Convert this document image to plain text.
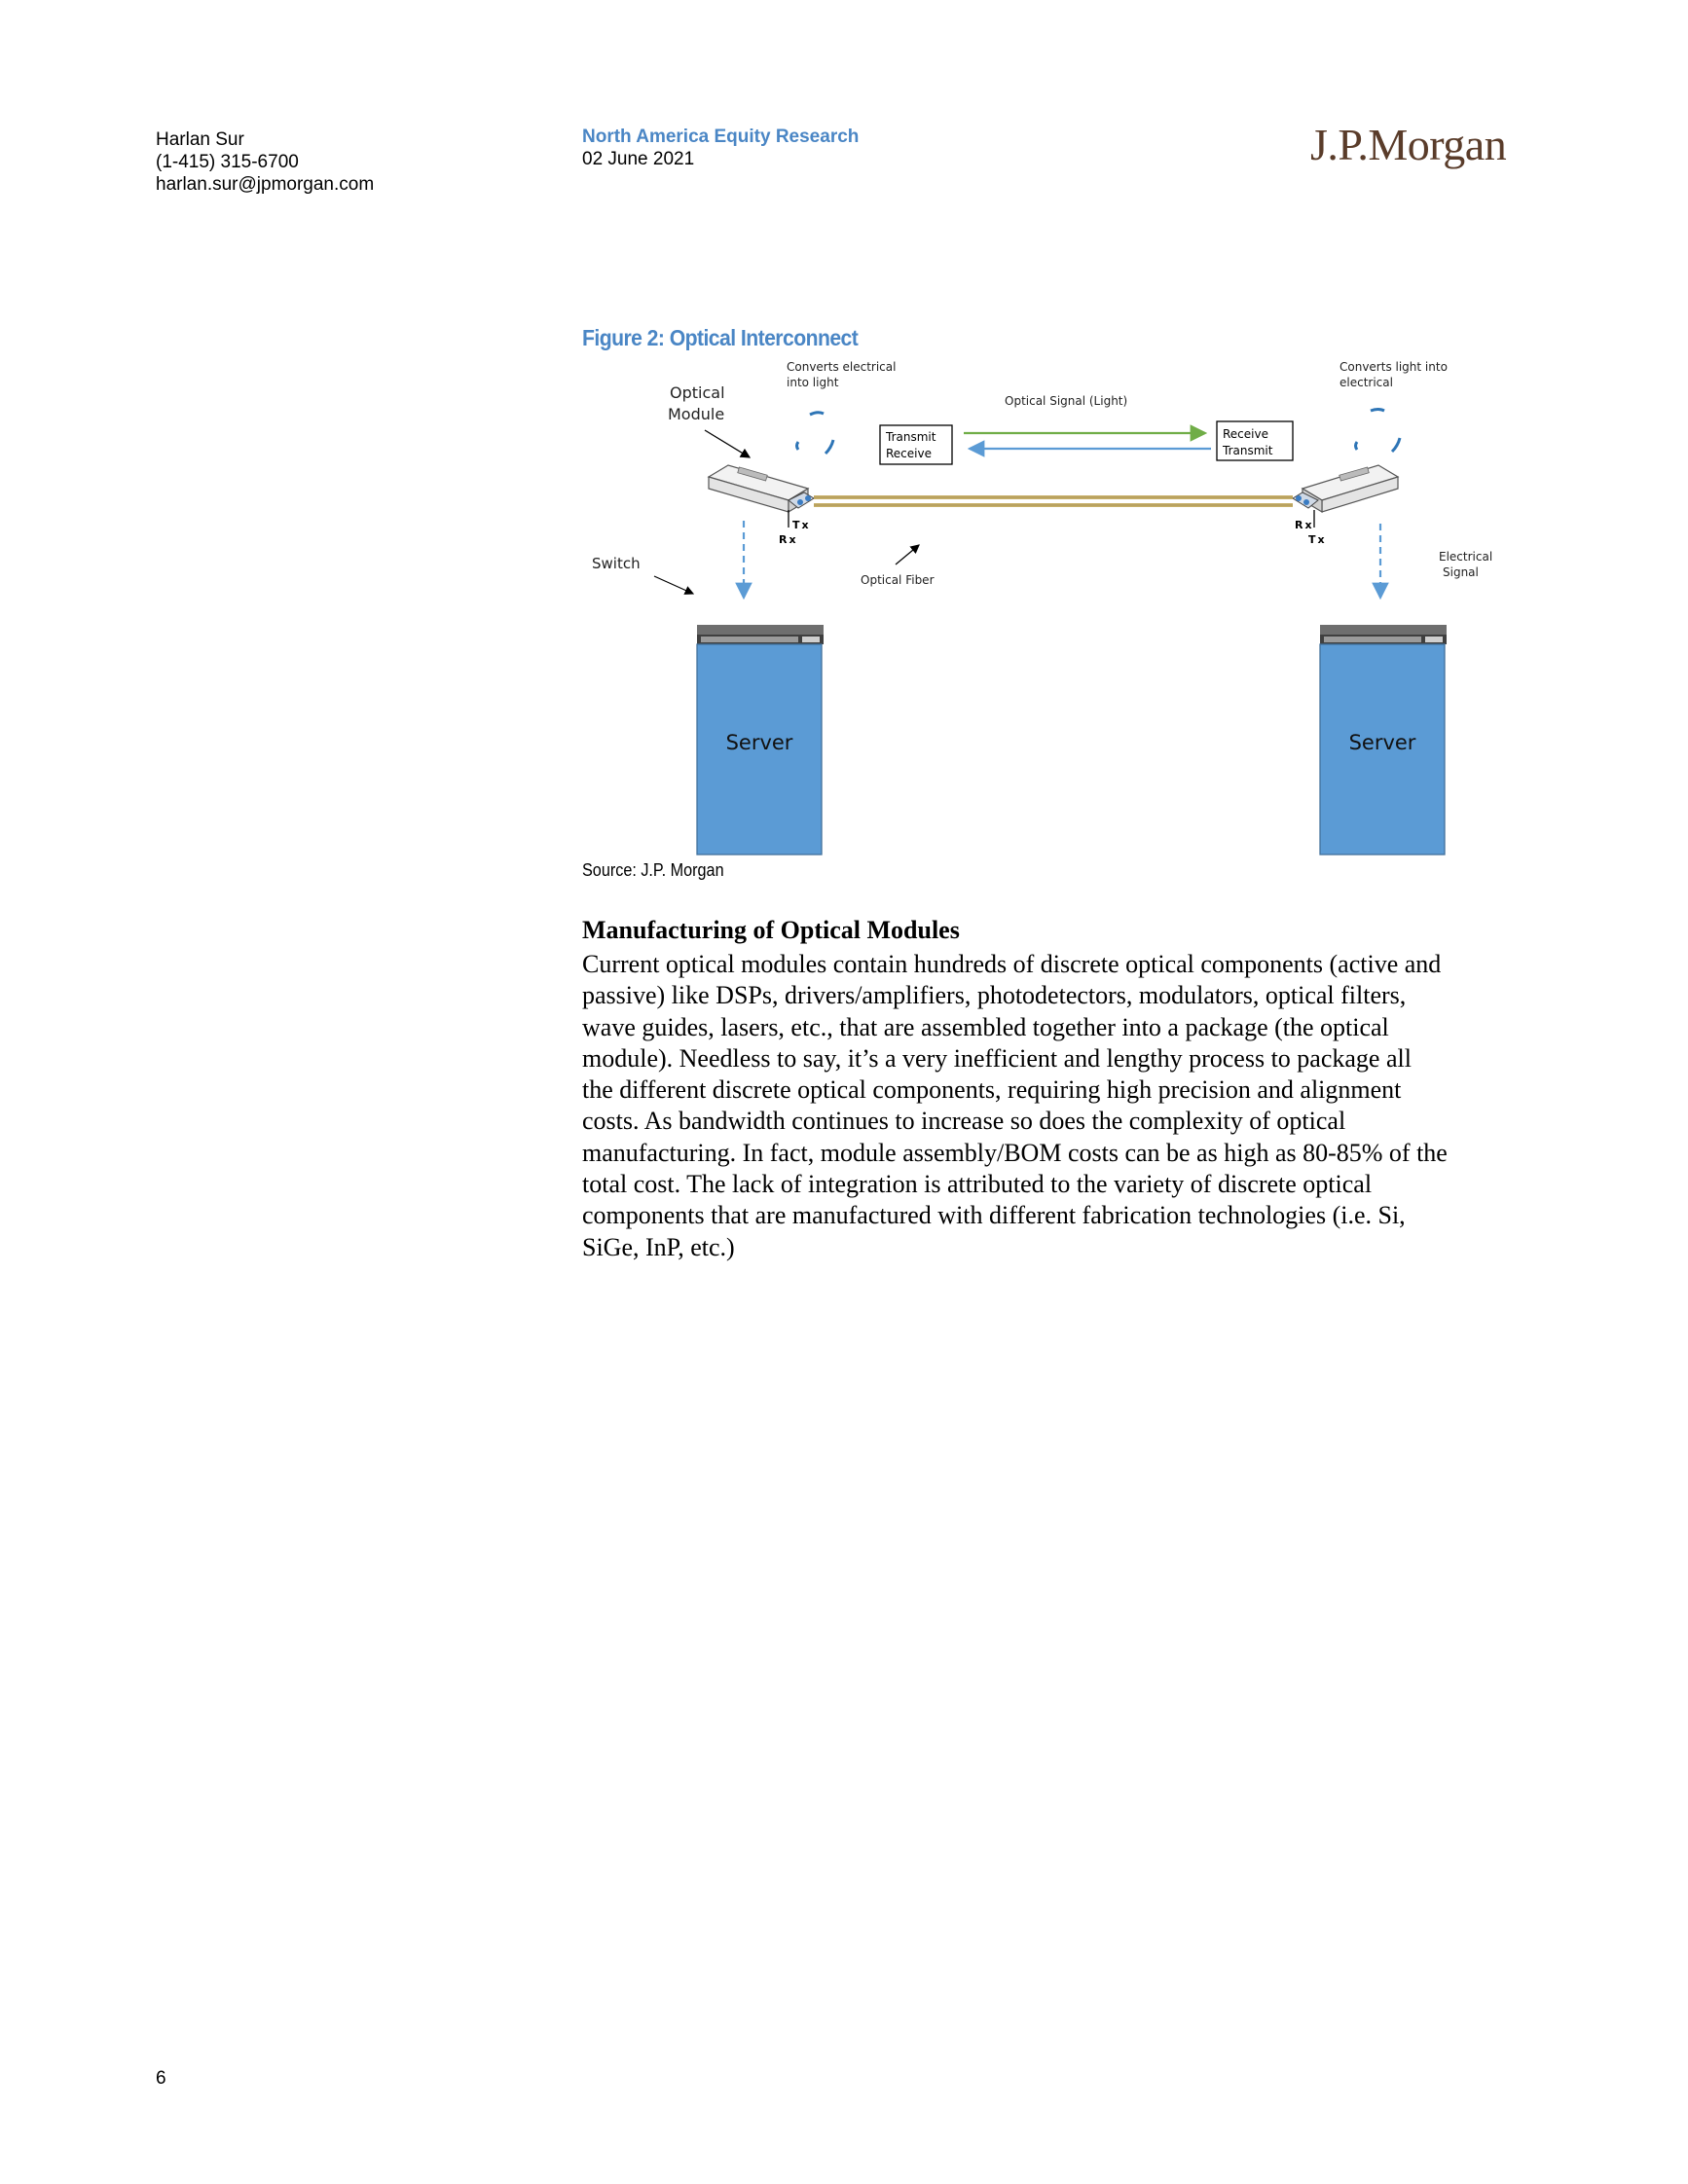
Harlan Sur
(1-415) 315-6700
harlan.sur@jpmorgan.com
North America Equity Research
02 June 2021	J.P.Morgan
Figure 2: Optical Interconnect
Optical
Module
Converts electrical
into light
Converts light into
electrical
Optical Signal (Light)
Transmit
Receive
Receive
Transmit
Tx
Rx
Rx
Tx
Optical Fiber
Switch	Electrical
Signal
Server	Server
Source: J.P. Morgan
Manufacturing of Optical Modules
Current optical modules contain hundreds of discrete optical components (active and
passive) like DSPs, drivers/amplifiers, photodetectors, modulators, optical filters,
wave guides, lasers, etc., that are assembled together into a package (the optical
module). Needless to say, it’s a very inefficient and lengthy process to package all
the different discrete optical components, requiring high precision and alignment
costs. As bandwidth continues to increase so does the complexity of optical
manufacturing. In fact, module assembly/BOM costs can be as high as 80-85% of the
total cost. The lack of integration is attributed to the variety of discrete optical
components that are manufactured with different fabrication technologies (i.e. Si,
SiGe, InP, etc.)
6
